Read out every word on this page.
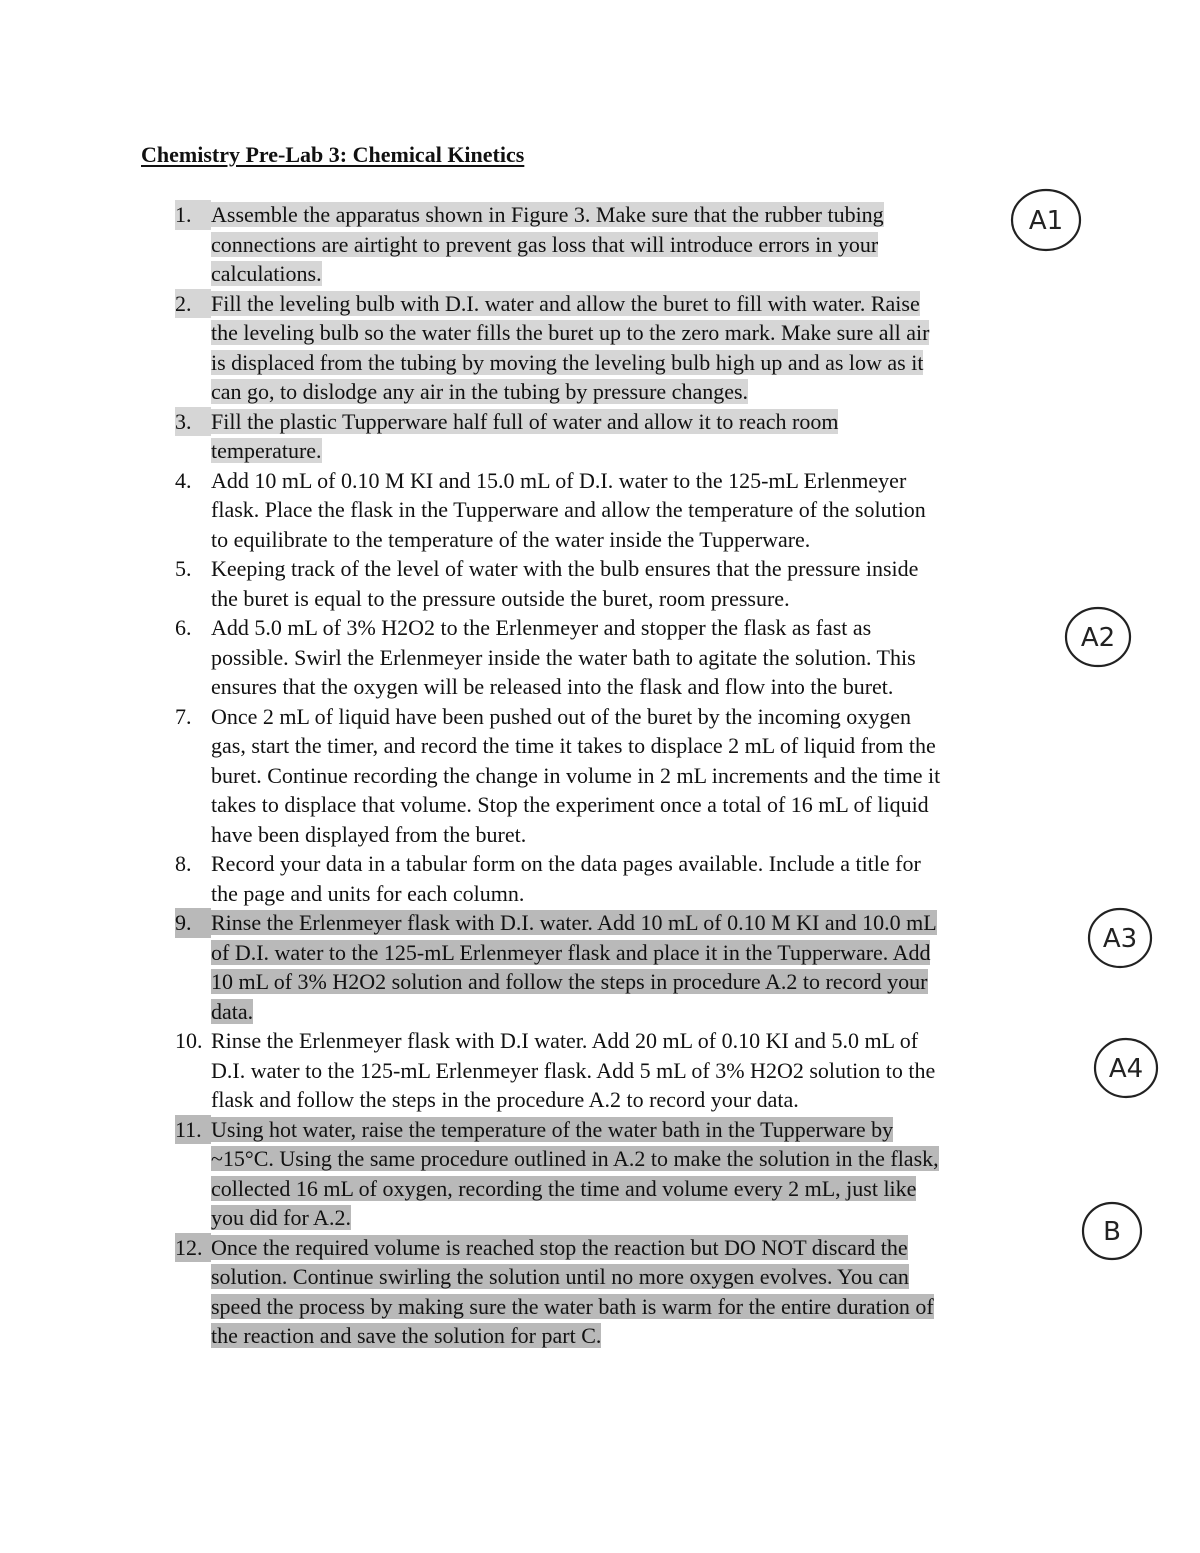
Chemistry Pre-Lab 3: Chemical Kinetics
1. Assemble the apparatus shown in Figure 3. Make sure that the rubber tubing
connections are airtight to prevent gas loss that will introduce errors in your
calculations.
2. Fill the leveling bulb with D.I. water and allow the buret to fill with water. Raise
the leveling bulb so the water fills the buret up to the zero mark. Make sure all air
is displaced from the tubing by moving the leveling bulb high up and as low as it
can go, to dislodge any air in the tubing by pressure changes.
3. Fill the plastic Tupperware half full of water and allow it to reach room
temperature.
4. Add 10 mL of 0.10 M KI and 15.0 mL of D.I. water to the 125-mL Erlenmeyer
flask. Place the flask in the Tupperware and allow the temperature of the solution
to equilibrate to the temperature of the water inside the Tupperware.
5. Keeping track of the level of water with the bulb ensures that the pressure inside
the buret is equal to the pressure outside the buret, room pressure.
6. Add 5.0 mL of 3% H2O2 to the Erlenmeyer and stopper the flask as fast as
possible. Swirl the Erlenmeyer inside the water bath to agitate the solution. This
ensures that the oxygen will be released into the flask and flow into the buret.
7. Once 2 mL of liquid have been pushed out of the buret by the incoming oxygen
gas, start the timer, and record the time it takes to displace 2 mL of liquid from the
buret. Continue recording the change in volume in 2 mL increments and the time it
takes to displace that volume. Stop the experiment once a total of 16 mL of liquid
have been displayed from the buret.
8. Record your data in a tabular form on the data pages available. Include a title for
the page and units for each column.
9. Rinse the Erlenmeyer flask with D.I. water. Add 10 mL of 0.10 M KI and 10.0 mL
of D.I. water to the 125-mL Erlenmeyer flask and place it in the Tupperware. Add
10 mL of 3% H2O2 solution and follow the steps in procedure A.2 to record your
data.
10. Rinse the Erlenmeyer flask with D.I water. Add 20 mL of 0.10 KI and 5.0 mL of
D.I. water to the 125-mL Erlenmeyer flask. Add 5 mL of 3% H2O2 solution to the
flask and follow the steps in the procedure A.2 to record your data.
11. Using hot water, raise the temperature of the water bath in the Tupperware by
~15°C. Using the same procedure outlined in A.2 to make the solution in the flask,
collected 16 mL of oxygen, recording the time and volume every 2 mL, just like
you did for A.2.
12. Once the required volume is reached stop the reaction but DO NOT discard the
solution. Continue swirling the solution until no more oxygen evolves. You can
speed the process by making sure the water bath is warm for the entire duration of
the reaction and save the solution for part C.
A1
A2
A3
A4
B
